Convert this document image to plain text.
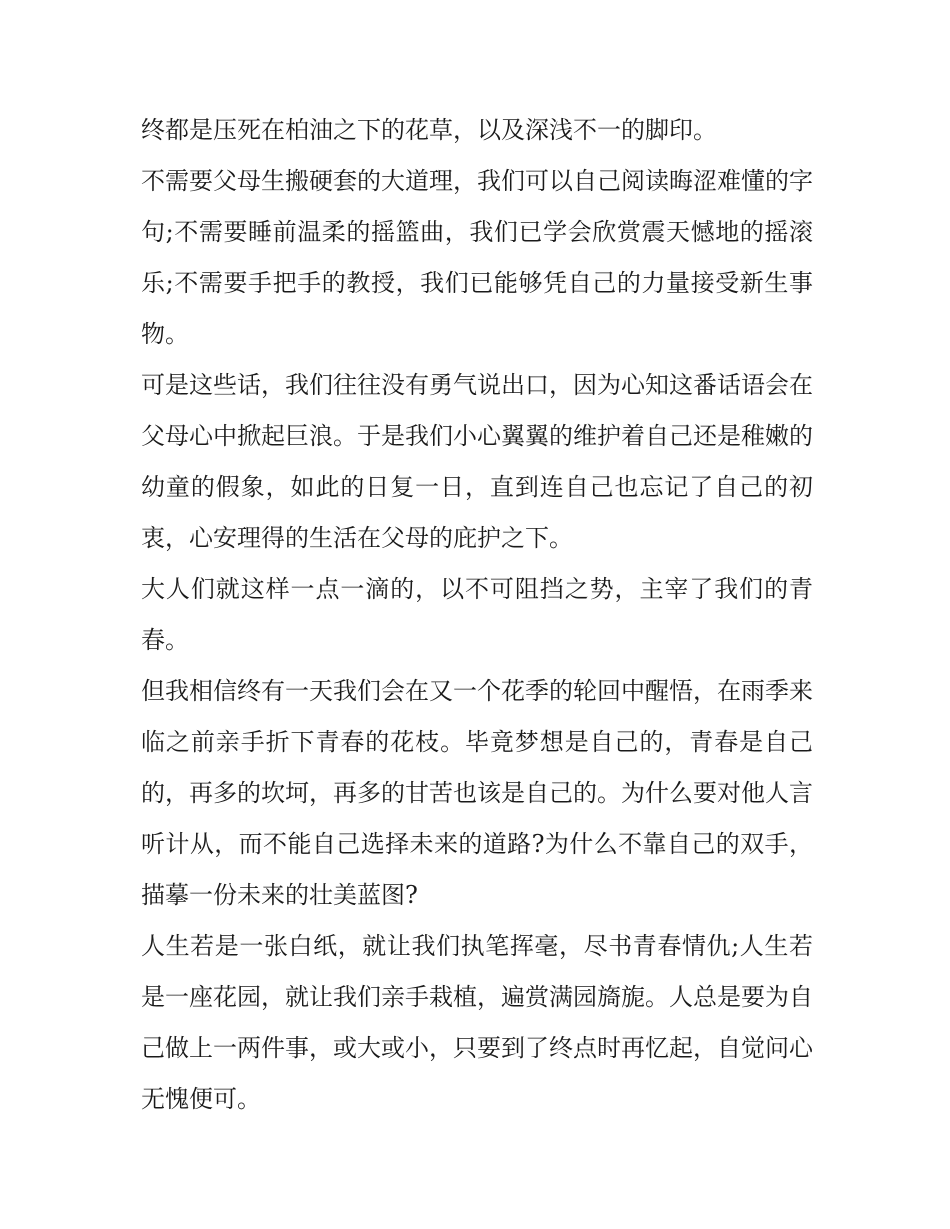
终都是压死在柏油之下的花草，以及深浅不一的脚印。

不需要父母生搬硬套的大道理，我们可以自己阅读晦涩难懂的字句;不需要睡前温柔的摇篮曲，我们已学会欣赏震天憾地的摇滚乐;不需要手把手的教授，我们已能够凭自己的力量接受新生事物。

可是这些话，我们往往没有勇气说出口，因为心知这番话语会在父母心中掀起巨浪。于是我们小心翼翼的维护着自己还是稚嫩的幼童的假象，如此的日复一日，直到连自己也忘记了自己的初衷，心安理得的生活在父母的庇护之下。

大人们就这样一点一滴的，以不可阻挡之势，主宰了我们的青春。

但我相信终有一天我们会在又一个花季的轮回中醒悟，在雨季来临之前亲手折下青春的花枝。毕竟梦想是自己的，青春是自己的，再多的坎坷，再多的甘苦也该是自己的。为什么要对他人言听计从，而不能自己选择未来的道路?为什么不靠自己的双手，描摹一份未来的壮美蓝图?

人生若是一张白纸，就让我们执笔挥毫，尽书青春情仇;人生若是一座花园，就让我们亲手栽植，遍赏满园旖旎。人总是要为自己做上一两件事，或大或小，只要到了终点时再忆起，自觉问心无愧便可。
